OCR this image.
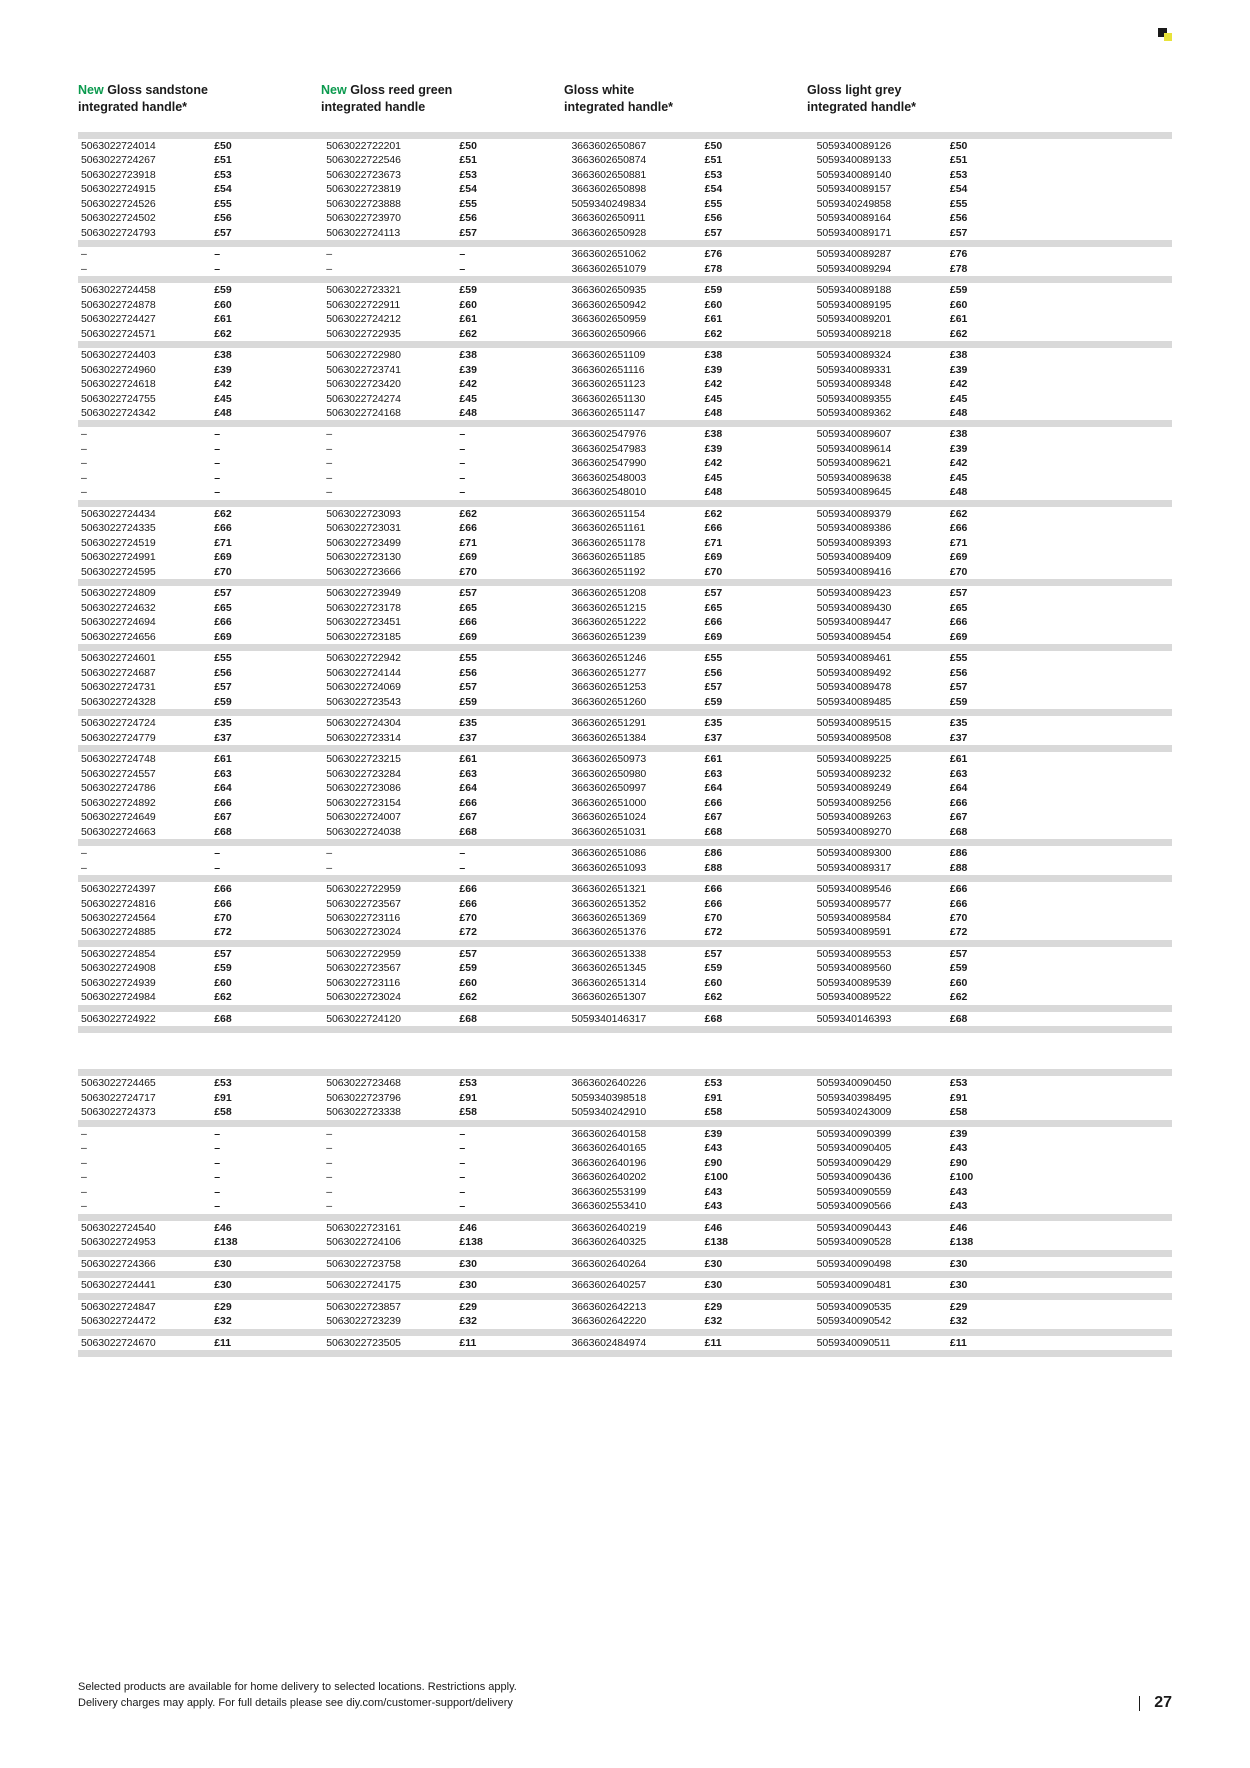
New Gloss sandstone
integrated handle*
New Gloss reed green
integrated handle
Gloss white
integrated handle*
Gloss light grey
integrated handle*

5063022724014	£50		5063022722201	£50		3663602650867	£50		5059340089126	£50	
5063022724267	£51		5063022722546	£51		3663602650874	£51		5059340089133	£51	
5063022723918	£53		5063022723673	£53		3663602650881	£53		5059340089140	£53	
5063022724915	£54		5063022723819	£54		3663602650898	£54		5059340089157	£54	
5063022724526	£55		5063022723888	£55		5059340249834	£55		5059340249858	£55	
5063022724502	£56		5063022723970	£56		3663602650911	£56		5059340089164	£56	
5063022724793	£57		5063022724113	£57		3663602650928	£57		5059340089171	£57	

–	–		–	–		3663602651062	£76		5059340089287	£76	
–	–		–	–		3663602651079	£78		5059340089294	£78	

5063022724458	£59		5063022723321	£59		3663602650935	£59		5059340089188	£59	
5063022724878	£60		5063022722911	£60		3663602650942	£60		5059340089195	£60	
5063022724427	£61		5063022724212	£61		3663602650959	£61		5059340089201	£61	
5063022724571	£62		5063022722935	£62		3663602650966	£62		5059340089218	£62	

5063022724403	£38		5063022722980	£38		3663602651109	£38		5059340089324	£38	
5063022724960	£39		5063022723741	£39		3663602651116	£39		5059340089331	£39	
5063022724618	£42		5063022723420	£42		3663602651123	£42		5059340089348	£42	
5063022724755	£45		5063022724274	£45		3663602651130	£45		5059340089355	£45	
5063022724342	£48		5063022724168	£48		3663602651147	£48		5059340089362	£48	

–	–		–	–		3663602547976	£38		5059340089607	£38	
–	–		–	–		3663602547983	£39		5059340089614	£39	
–	–		–	–		3663602547990	£42		5059340089621	£42	
–	–		–	–		3663602548003	£45		5059340089638	£45	
–	–		–	–		3663602548010	£48		5059340089645	£48	

5063022724434	£62		5063022723093	£62		3663602651154	£62		5059340089379	£62	
5063022724335	£66		5063022723031	£66		3663602651161	£66		5059340089386	£66	
5063022724519	£71		5063022723499	£71		3663602651178	£71		5059340089393	£71	
5063022724991	£69		5063022723130	£69		3663602651185	£69		5059340089409	£69	
5063022724595	£70		5063022723666	£70		3663602651192	£70		5059340089416	£70	

5063022724809	£57		5063022723949	£57		3663602651208	£57		5059340089423	£57	
5063022724632	£65		5063022723178	£65		3663602651215	£65		5059340089430	£65	
5063022724694	£66		5063022723451	£66		3663602651222	£66		5059340089447	£66	
5063022724656	£69		5063022723185	£69		3663602651239	£69		5059340089454	£69	

5063022724601	£55		5063022722942	£55		3663602651246	£55		5059340089461	£55	
5063022724687	£56		5063022724144	£56		3663602651277	£56		5059340089492	£56	
5063022724731	£57		5063022724069	£57		3663602651253	£57		5059340089478	£57	
5063022724328	£59		5063022723543	£59		3663602651260	£59		5059340089485	£59	

5063022724724	£35		5063022724304	£35		3663602651291	£35		5059340089515	£35	
5063022724779	£37		5063022723314	£37		3663602651384	£37		5059340089508	£37	

5063022724748	£61		5063022723215	£61		3663602650973	£61		5059340089225	£61	
5063022724557	£63		5063022723284	£63		3663602650980	£63		5059340089232	£63	
5063022724786	£64		5063022723086	£64		3663602650997	£64		5059340089249	£64	
5063022724892	£66		5063022723154	£66		3663602651000	£66		5059340089256	£66	
5063022724649	£67		5063022724007	£67		3663602651024	£67		5059340089263	£67	
5063022724663	£68		5063022724038	£68		3663602651031	£68		5059340089270	£68	

–	–		–	–		3663602651086	£86		5059340089300	£86	
–	–		–	–		3663602651093	£88		5059340089317	£88	

5063022724397	£66		5063022722959	£66		3663602651321	£66		5059340089546	£66	
5063022724816	£66		5063022723567	£66		3663602651352	£66		5059340089577	£66	
5063022724564	£70		5063022723116	£70		3663602651369	£70		5059340089584	£70	
5063022724885	£72		5063022723024	£72		3663602651376	£72		5059340089591	£72	

5063022724854	£57		5063022722959	£57		3663602651338	£57		5059340089553	£57	
5063022724908	£59		5063022723567	£59		3663602651345	£59		5059340089560	£59	
5063022724939	£60		5063022723116	£60		3663602651314	£60		5059340089539	£60	
5063022724984	£62		5063022723024	£62		3663602651307	£62		5059340089522	£62	

5063022724922	£68		5063022724120	£68		5059340146317	£68		5059340146393	£68	

5063022724465	£53		5063022723468	£53		3663602640226	£53		5059340090450	£53	
5063022724717	£91		5063022723796	£91		5059340398518	£91		5059340398495	£91	
5063022724373	£58		5063022723338	£58		5059340242910	£58		5059340243009	£58	

–	–		–	–		3663602640158	£39		5059340090399	£39	
–	–		–	–		3663602640165	£43		5059340090405	£43	
–	–		–	–		3663602640196	£90		5059340090429	£90	
–	–		–	–		3663602640202	£100		5059340090436	£100	
–	–		–	–		3663602553199	£43		5059340090559	£43	
–	–		–	–		3663602553410	£43		5059340090566	£43	

5063022724540	£46		5063022723161	£46		3663602640219	£46		5059340090443	£46	
5063022724953	£138		5063022724106	£138		3663602640325	£138		5059340090528	£138	

5063022724366	£30		5063022723758	£30		3663602640264	£30		5059340090498	£30	

5063022724441	£30		5063022724175	£30		3663602640257	£30		5059340090481	£30	

5063022724847	£29		5063022723857	£29		3663602642213	£29		5059340090535	£29	
5063022724472	£32		5063022723239	£32		3663602642220	£32		5059340090542	£32	

5063022724670	£11		5063022723505	£11		3663602484974	£11		5059340090511	£11	

Selected products are available for home delivery to selected locations. Restrictions apply.
Delivery charges may apply. For full details please see diy.com/customer-support/delivery	27
